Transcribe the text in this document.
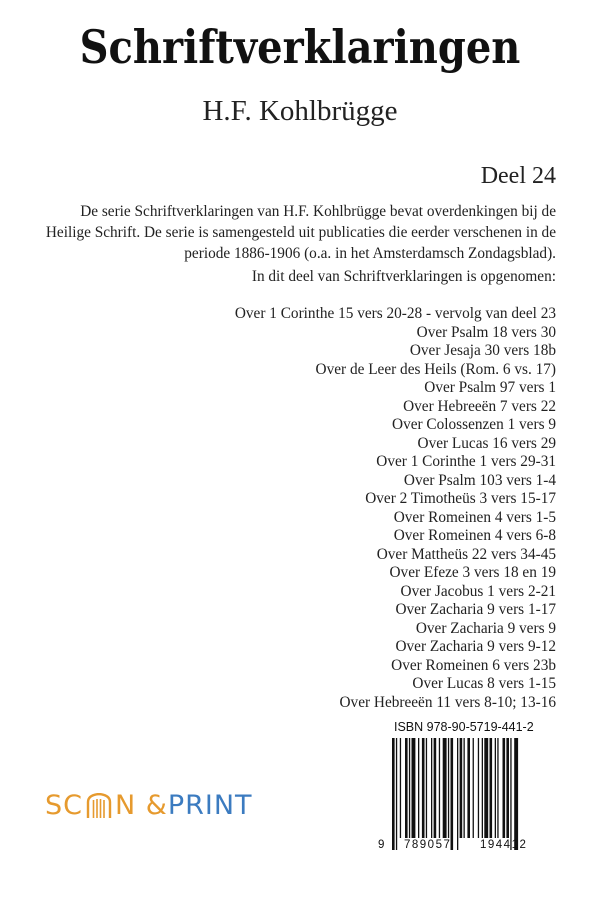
Schriftverklaringen
H.F. Kohlbrügge
Deel 24
De serie Schriftverklaringen van H.F. Kohlbrügge bevat overdenkingen bij de Heilige Schrift. De serie is samengesteld uit publicaties die eerder verschenen in de periode 1886-1906 (o.a. in het Amsterdamsch Zondagsblad).
In dit deel van Schriftverklaringen is opgenomen:
Over 1 Corinthe 15 vers 20-28 - vervolg van deel 23
Over Psalm 18 vers 30
Over Jesaja 30 vers 18b
Over de Leer des Heils (Rom. 6 vs. 17)
Over Psalm 97 vers 1
Over Hebreeën 7 vers 22
Over Colossenzen 1 vers 9
Over Lucas 16 vers 29
Over 1 Corinthe 1 vers 29-31
Over Psalm 103 vers 1-4
Over 2 Timotheüs 3 vers 15-17
Over Romeinen 4 vers 1-5
Over Romeinen 4 vers 6-8
Over Mattheüs 22 vers 34-45
Over Efeze 3 vers 18 en 19
Over Jacobus 1 vers 2-21
Over Zacharia 9 vers 1-17
Over Zacharia 9 vers 9
Over Zacharia 9 vers 9-12
Over Romeinen 6 vers 23b
Over Lucas 8 vers 1-15
Over Hebreeën 11 vers 8-10; 13-16
SC N & PRINT
ISBN 978-90-5719-441-2
9 789057 194412
